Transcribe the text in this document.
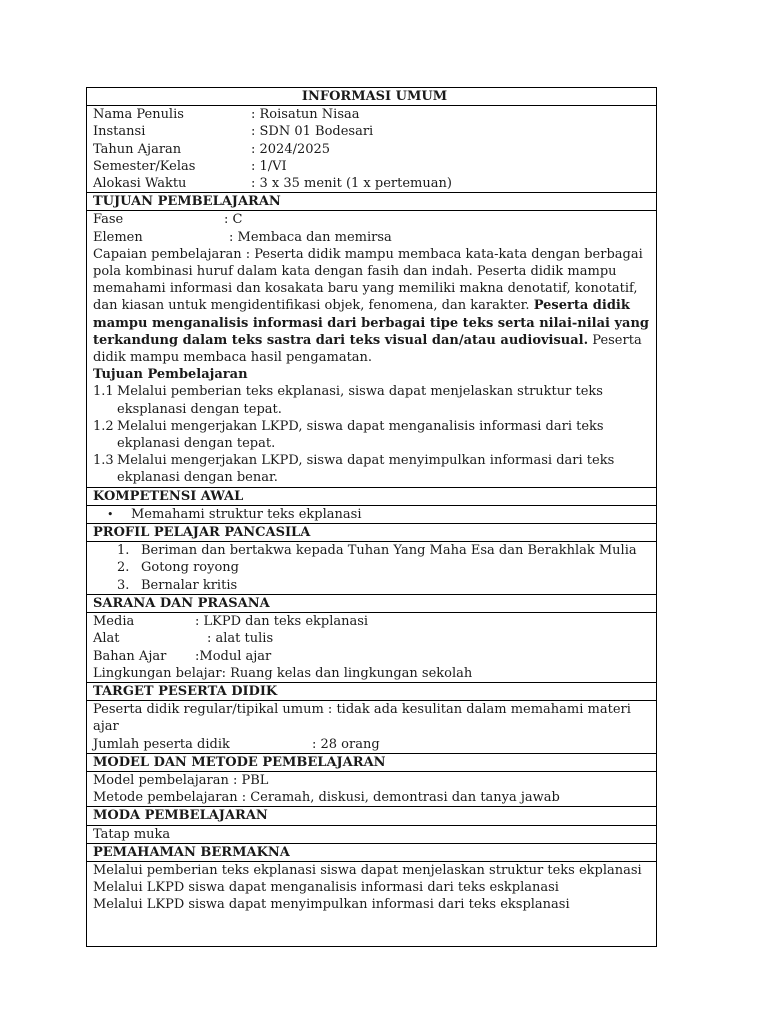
INFORMASI UMUM

Nama Penulis	: Roisatun Nisaa
Instansi	: SDN 01 Bodesari
Tahun Ajaran	: 2024/2025
Semester/Kelas	: 1/VI
Alokasi Waktu	: 3 x 35 menit (1 x pertemuan)

TUJUAN PEMBELAJARAN

Fase	: C
Elemen	: Membaca dan memirsa

Capaian pembelajaran : Peserta didik mampu membaca kata-kata dengan berbagai pola kombinasi huruf dalam kata dengan fasih dan indah. Peserta didik mampu memahami informasi dan kosakata baru yang memiliki makna denotatif, konotatif, dan kiasan untuk mengidentifikasi objek, fenomena, dan karakter. Peserta didik mampu menganalisis informasi dari berbagai tipe teks serta nilai-nilai yang terkandung dalam teks sastra dari teks visual dan/atau audiovisual. Peserta didik mampu membaca hasil pengamatan.

Tujuan Pembelajaran
1.1 Melalui pemberian teks ekplanasi, siswa dapat menjelaskan struktur teks eksplanasi dengan tepat.
1.2 Melalui mengerjakan LKPD, siswa dapat menganalisis informasi dari teks ekplanasi dengan tepat.
1.3 Melalui mengerjakan LKPD, siswa dapat menyimpulkan informasi dari teks ekplanasi dengan benar.

KOMPETENSI AWAL

•	Memahami struktur teks ekplanasi

PROFIL PELAJAR PANCASILA

1. Beriman dan bertakwa kepada Tuhan Yang Maha Esa dan Berakhlak Mulia
2. Gotong royong
3. Bernalar kritis

SARANA DAN PRASANA

Media	: LKPD dan teks ekplanasi
Alat	: alat tulis
Bahan Ajar	:Modul ajar
Lingkungan belajar : Ruang kelas dan lingkungan sekolah

TARGET PESERTA DIDIK

Peserta didik regular/tipikal umum : tidak ada kesulitan dalam memahami materi ajar

Jumlah peserta didik	: 28 orang

MODEL DAN METODE PEMBELAJARAN

Model pembelajaran : PBL
Metode pembelajaran : Ceramah, diskusi, demontrasi dan tanya jawab

MODA PEMBELAJARAN
Tatap muka
PEMAHAMAN BERMAKNA

Melalui pemberian teks ekplanasi siswa dapat menjelaskan struktur teks ekplanasi
Melalui LKPD siswa dapat menganalisis informasi dari teks eskplanasi
Melalui LKPD siswa dapat menyimpulkan informasi dari teks eksplanasi
